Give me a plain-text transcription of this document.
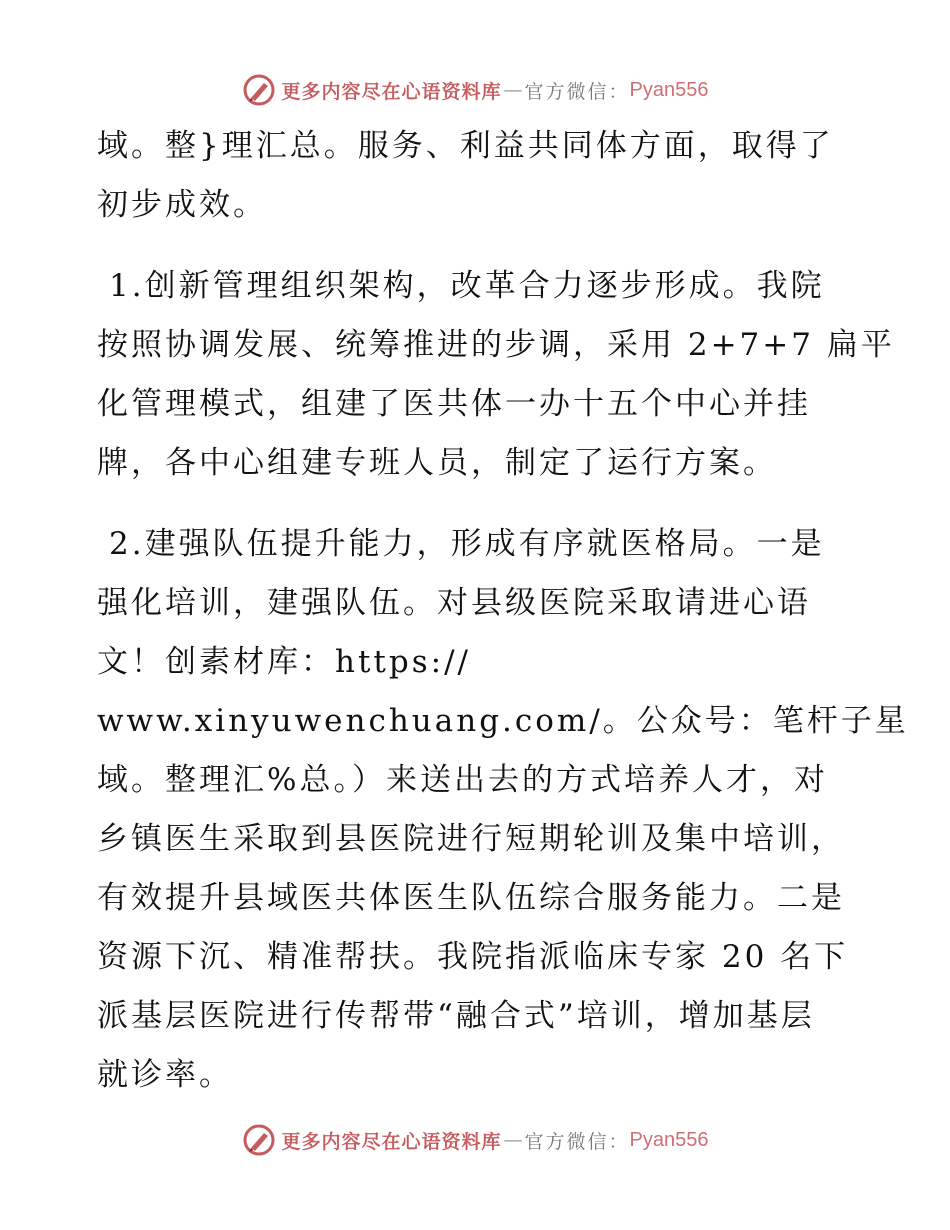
更多内容尽在心语资料库 — 官方微信： Pyan556
域。整}理汇总。服务、利益共同体方面，取得了
初步成效。
1.创新管理组织架构，改革合力逐步形成。我院
按照协调发展、统筹推进的步调，采用 2+7+7 扁平
化管理模式，组建了医共体一办十五个中心并挂
牌，各中心组建专班人员，制定了运行方案。
2.建强队伍提升能力，形成有序就医格局。一是
强化培训，建强队伍。对县级医院采取请进心语
文！创素材库：https://
www.xinyuwenchuang.com/。公众号：笔杆子星
域。整理汇%总。）来送出去的方式培养人才，对
乡镇医生采取到县医院进行短期轮训及集中培训，
有效提升县域医共体医生队伍综合服务能力。二是
资源下沉、精准帮扶。我院指派临床专家 20 名下
派基层医院进行传帮带“融合式”培训，增加基层
就诊率。
更多内容尽在心语资料库 — 官方微信： Pyan556
